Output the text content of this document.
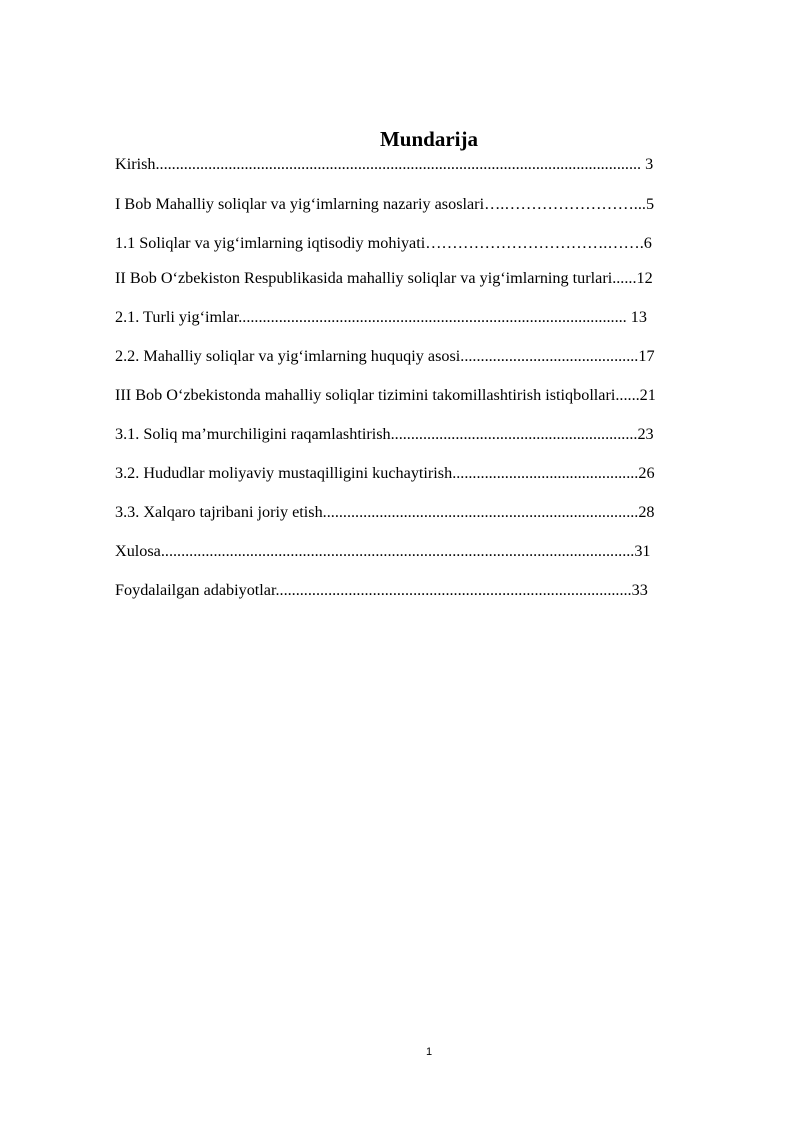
Mundarija
Kirish........................................................................................................................ 3
I Bob Mahalliy soliqlar va yig‘imlarning nazariy asoslari….……………………...5
1.1 Soliqlar va yig‘imlarning iqtisodiy mohiyati…………………………….…….6
II Bob O‘zbekiston Respublikasida mahalliy soliqlar va yig‘imlarning turlari......12
2.1. Turli yig‘imlar................................................................................................ 13
2.2. Mahalliy soliqlar va yig‘imlarning huquqiy asosi............................................17
III Bob O‘zbekistonda mahalliy soliqlar tizimini takomillashtirish istiqbollari......21
3.1. Soliq ma’murchiligini raqamlashtirish.............................................................23
3.2. Hududlar moliyaviy mustaqilligini kuchaytirish..............................................26
3.3. Xalqaro tajribani joriy etish..............................................................................28
Xulosa.....................................................................................................................31
Foydalailgan adabiyotlar........................................................................................33
1
